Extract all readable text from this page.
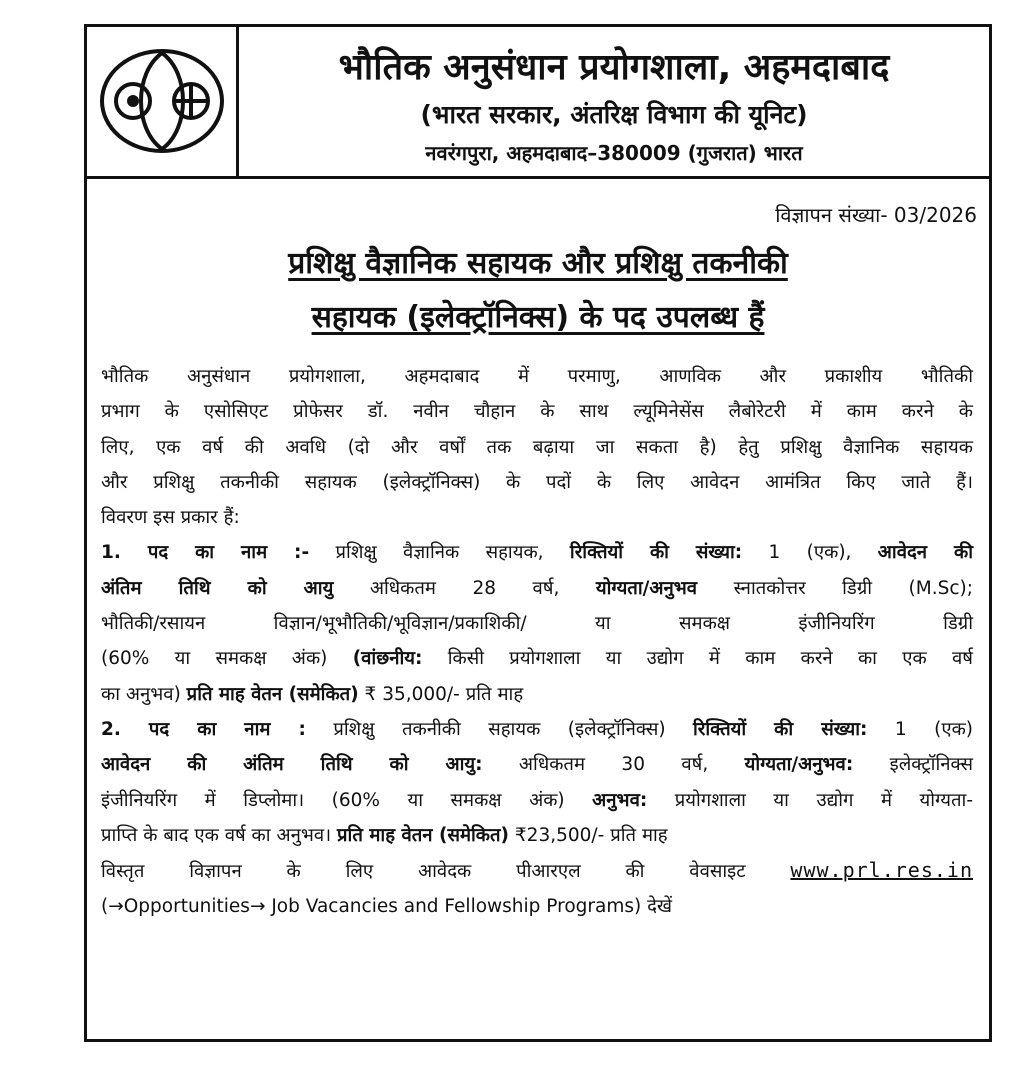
भौतिक अनुसंधान प्रयोगशाला, अहमदाबाद
(भारत सरकार, अंतरिक्ष विभाग की यूनिट)
नवरंगपुरा, अहमदाबाद–380009 (गुजरात) भारत
विज्ञापन संख्या- 03/2026
प्रशिक्षु वैज्ञानिक सहायक और प्रशिक्षु तकनीकी
सहायक (इलेक्ट्रॉनिक्स) के पद उपलब्ध हैं
भौतिक अनुसंधान प्रयोगशाला, अहमदाबाद में परमाणु, आणविक और प्रकाशीय भौतिकी
प्रभाग के एसोसिएट प्रोफेसर डॉ. नवीन चौहान के साथ ल्यूमिनेसेंस लैबोरेटरी में काम करने के
लिए, एक वर्ष की अवधि (दो और वर्षों तक बढ़ाया जा सकता है) हेतु प्रशिक्षु वैज्ञानिक सहायक
और प्रशिक्षु तकनीकी सहायक (इलेक्ट्रॉनिक्स) के पदों के लिए आवेदन आमंत्रित किए जाते हैं।
विवरण इस प्रकार हैं:
1. पद का नाम :- प्रशिक्षु वैज्ञानिक सहायक, रिक्तियों की संख्या: 1 (एक), आवेदन की
अंतिम तिथि को आयु अधिकतम 28 वर्ष, योग्यता/अनुभव स्नातकोत्तर डिग्री (M.Sc);
भौतिकी/रसायन विज्ञान/भूभौतिकी/भूविज्ञान/प्रकाशिकी/ या समकक्ष इंजीनियरिंग डिग्री
(60% या समकक्ष अंक) (वांछनीय: किसी प्रयोगशाला या उद्योग में काम करने का एक वर्ष
का अनुभव) प्रति माह वेतन (समेकित) ₹ 35,000/- प्रति माह
2. पद का नाम : प्रशिक्षु तकनीकी सहायक (इलेक्ट्रॉनिक्स) रिक्तियों की संख्या: 1 (एक)
आवेदन की अंतिम तिथि को आयु: अधिकतम 30 वर्ष, योग्यता/अनुभव: इलेक्ट्रॉनिक्स
इंजीनियरिंग में डिप्लोमा। (60% या समकक्ष अंक) अनुभव: प्रयोगशाला या उद्योग में योग्यता-
प्राप्ति के बाद एक वर्ष का अनुभव। प्रति माह वेतन (समेकित) ₹23,500/- प्रति माह
विस्तृत विज्ञापन के लिए आवेदक पीआरएल की वेवसाइट www.prl.res.in
(→Opportunities→ Job Vacancies and Fellowship Programs) देखें
